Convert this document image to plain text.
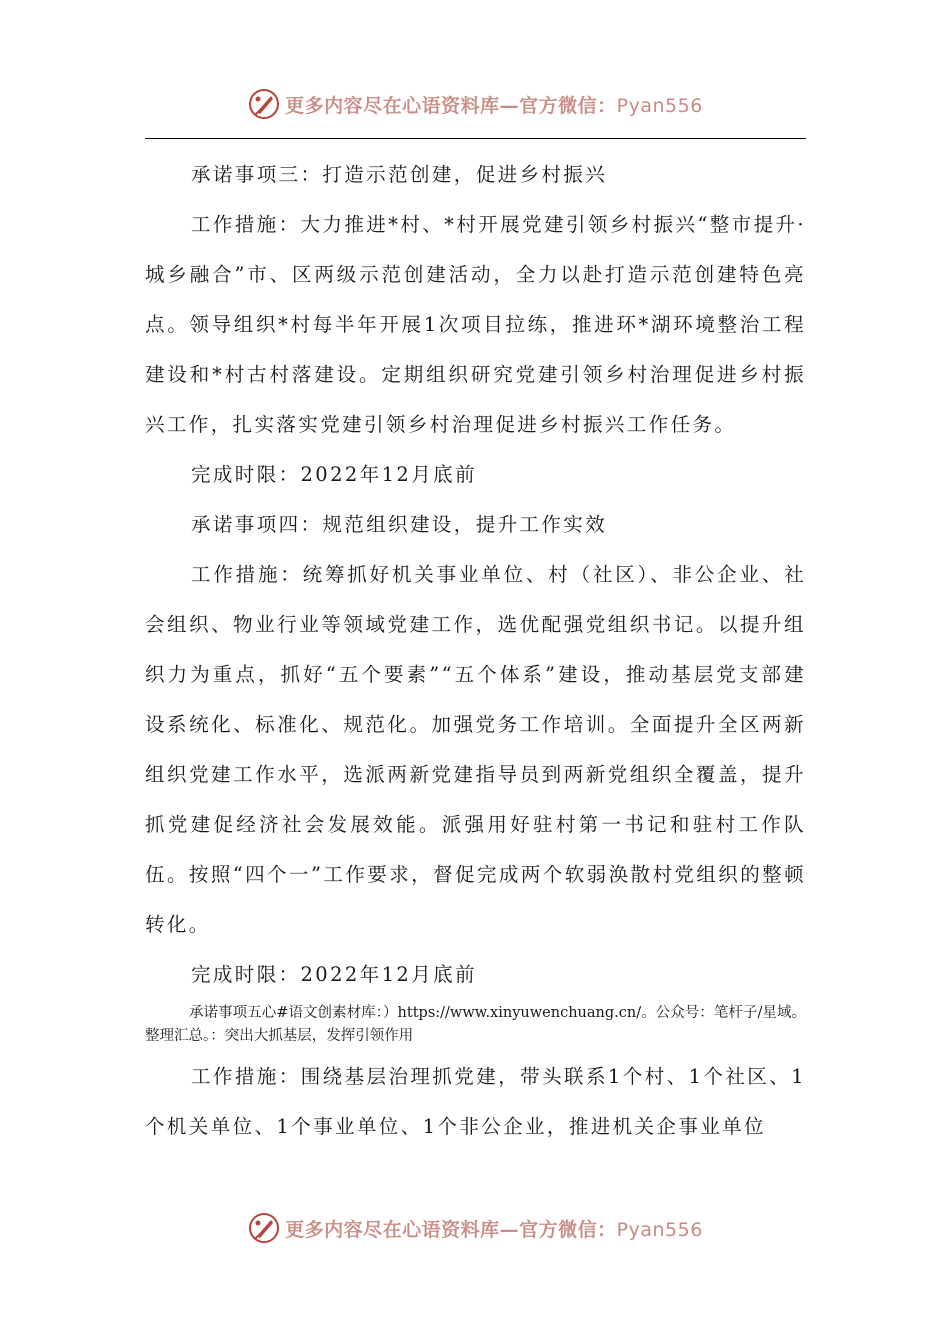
更多内容尽在心语资料库—官方微信：Pyan556

承诺事项三：打造示范创建，促进乡村振兴

工作措施：大力推进*村、*村开展党建引领乡村振兴“整市提升·城乡融合”市、区两级示范创建活动，全力以赴打造示范创建特色亮点。领导组织*村每半年开展1次项目拉练，推进环*湖环境整治工程建设和*村古村落建设。定期组织研究党建引领乡村治理促进乡村振兴工作，扎实落实党建引领乡村治理促进乡村振兴工作任务。

完成时限：2022年12月底前

承诺事项四：规范组织建设，提升工作实效

工作措施：统筹抓好机关事业单位、村（社区）、非公企业、社会组织、物业行业等领域党建工作，选优配强党组织书记。以提升组织力为重点，抓好“五个要素”“五个体系”建设，推动基层党支部建设系统化、标准化、规范化。加强党务工作培训。全面提升全区两新组织党建工作水平，选派两新党建指导员到两新党组织全覆盖，提升抓党建促经济社会发展效能。派强用好驻村第一书记和驻村工作队伍。按照“四个一”工作要求，督促完成两个软弱涣散村党组织的整顿转化。

完成时限：2022年12月底前

承诺事项五心#语文创素材库：）https://www.xinyuwenchuang.cn/。公众号：笔杆子/星域。整理汇总。：突出大抓基层，发挥引领作用

工作措施：围绕基层治理抓党建，带头联系1个村、1个社区、1个机关单位、1个事业单位、1个非公企业，推进机关企事业单位

更多内容尽在心语资料库—官方微信：Pyan556
